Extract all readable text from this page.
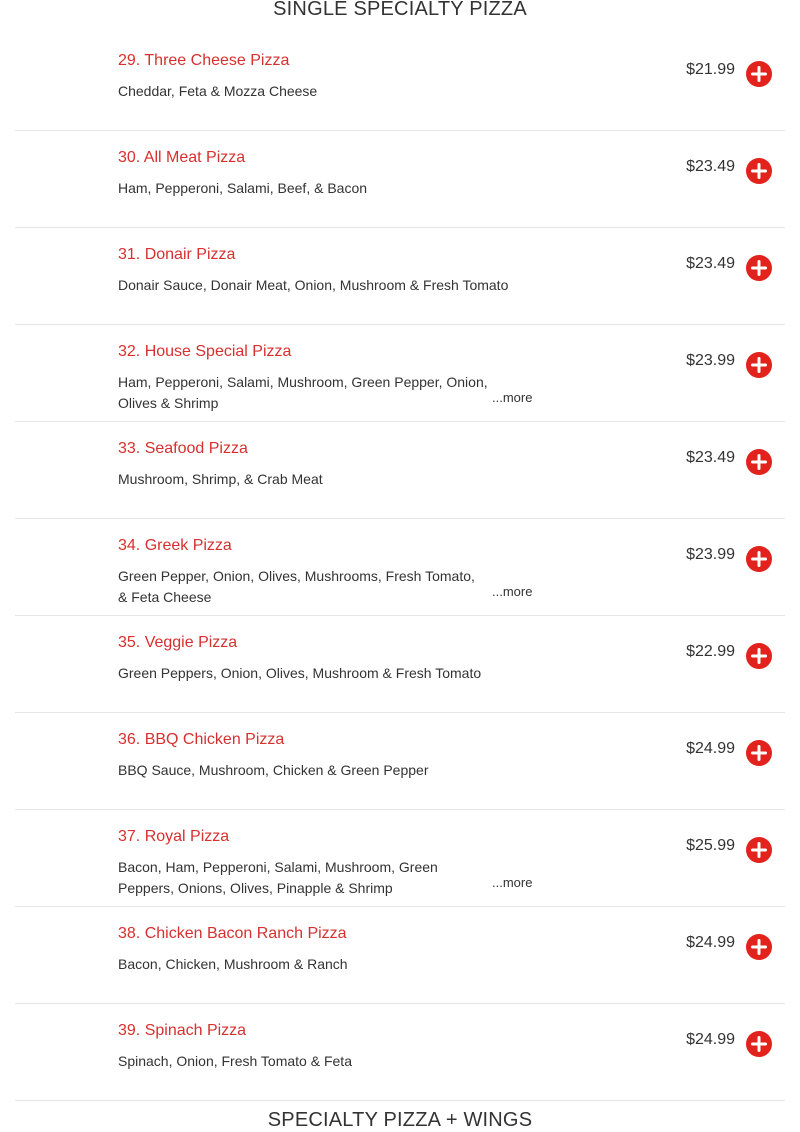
SINGLE SPECIALTY PIZZA
29. Three Cheese Pizza
Cheddar, Feta & Mozza Cheese
$21.99
30. All Meat Pizza
Ham, Pepperoni, Salami, Beef, & Bacon
$23.49
31. Donair Pizza
Donair Sauce, Donair Meat, Onion, Mushroom & Fresh Tomato
$23.49
32. House Special Pizza
Ham, Pepperoni, Salami, Mushroom, Green Pepper, Onion, Olives & Shrimp	...more
$23.99
33. Seafood Pizza
Mushroom, Shrimp, & Crab Meat
$23.49
34. Greek Pizza
Green Pepper, Onion, Olives, Mushrooms, Fresh Tomato, & Feta Cheese	...more
$23.99
35. Veggie Pizza
Green Peppers, Onion, Olives, Mushroom & Fresh Tomato
$22.99
36. BBQ Chicken Pizza
BBQ Sauce, Mushroom, Chicken & Green Pepper
$24.99
37. Royal Pizza
Bacon, Ham, Pepperoni, Salami, Mushroom, Green Peppers, Onions, Olives, Pinapple & Shrimp	...more
$25.99
38. Chicken Bacon Ranch Pizza
Bacon, Chicken, Mushroom & Ranch
$24.99
39. Spinach Pizza
Spinach, Onion, Fresh Tomato & Feta
$24.99
SPECIALTY PIZZA + WINGS
